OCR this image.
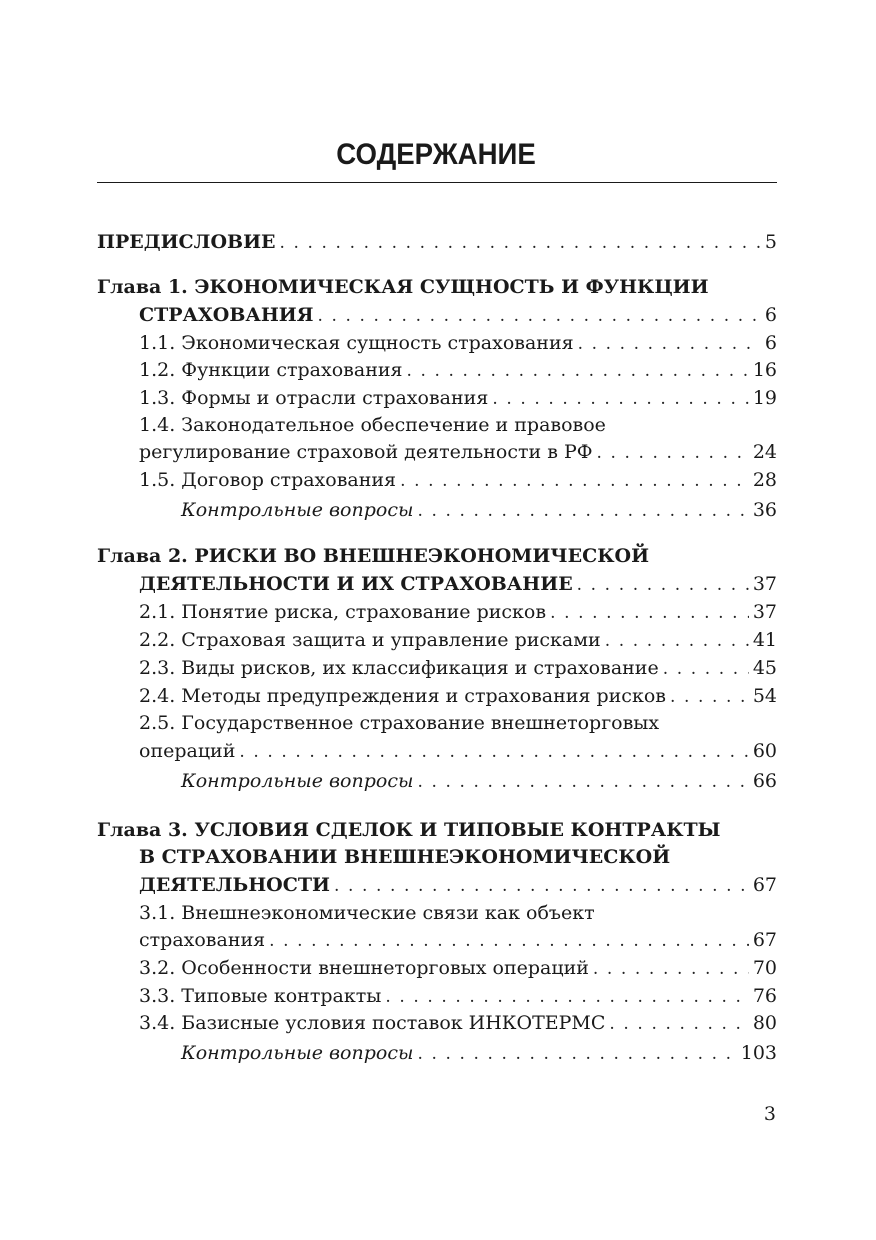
СОДЕРЖАНИЕ
ПРЕДИСЛОВИЕ . . .	5
Глава 1. ЭКОНОМИЧЕСКАЯ СУЩНОСТЬ И ФУНКЦИИ
СТРАХОВАНИЯ . . .	6
1.1. Экономическая сущность страхования . . .	6
1.2. Функции страхования . . .	16
1.3. Формы и отрасли страхования . . .	19
1.4. Законодательное обеспечение и правовое
регулирование страховой деятельности в РФ . . .	24
1.5. Договор страхования . . .	28
Контрольные вопросы . . .	36
Глава 2. РИСКИ ВО ВНЕШНЕЭКОНОМИЧЕСКОЙ
ДЕЯТЕЛЬНОСТИ И ИХ СТРАХОВАНИЕ . . .	37
2.1. Понятие риска, страхование рисков . . .	37
2.2. Страховая защита и управление рисками . . .	41
2.3. Виды рисков, их классификация и страхование . . .	45
2.4. Методы предупреждения и страхования рисков . . .	54
2.5. Государственное страхование внешнеторговых
операций . . .	60
Контрольные вопросы . . .	66
Глава 3. УСЛОВИЯ СДЕЛОК И ТИПОВЫЕ КОНТРАКТЫ
В СТРАХОВАНИИ ВНЕШНЕЭКОНОМИЧЕСКОЙ
ДЕЯТЕЛЬНОСТИ . . .	67
3.1. Внешнеэкономические связи как объект
страхования . . .	67
3.2. Особенности внешнеторговых операций . . .	70
3.3. Типовые контракты . . .	76
3.4. Базисные условия поставок ИНКОТЕРМС . . .	80
Контрольные вопросы . . .	103
3
